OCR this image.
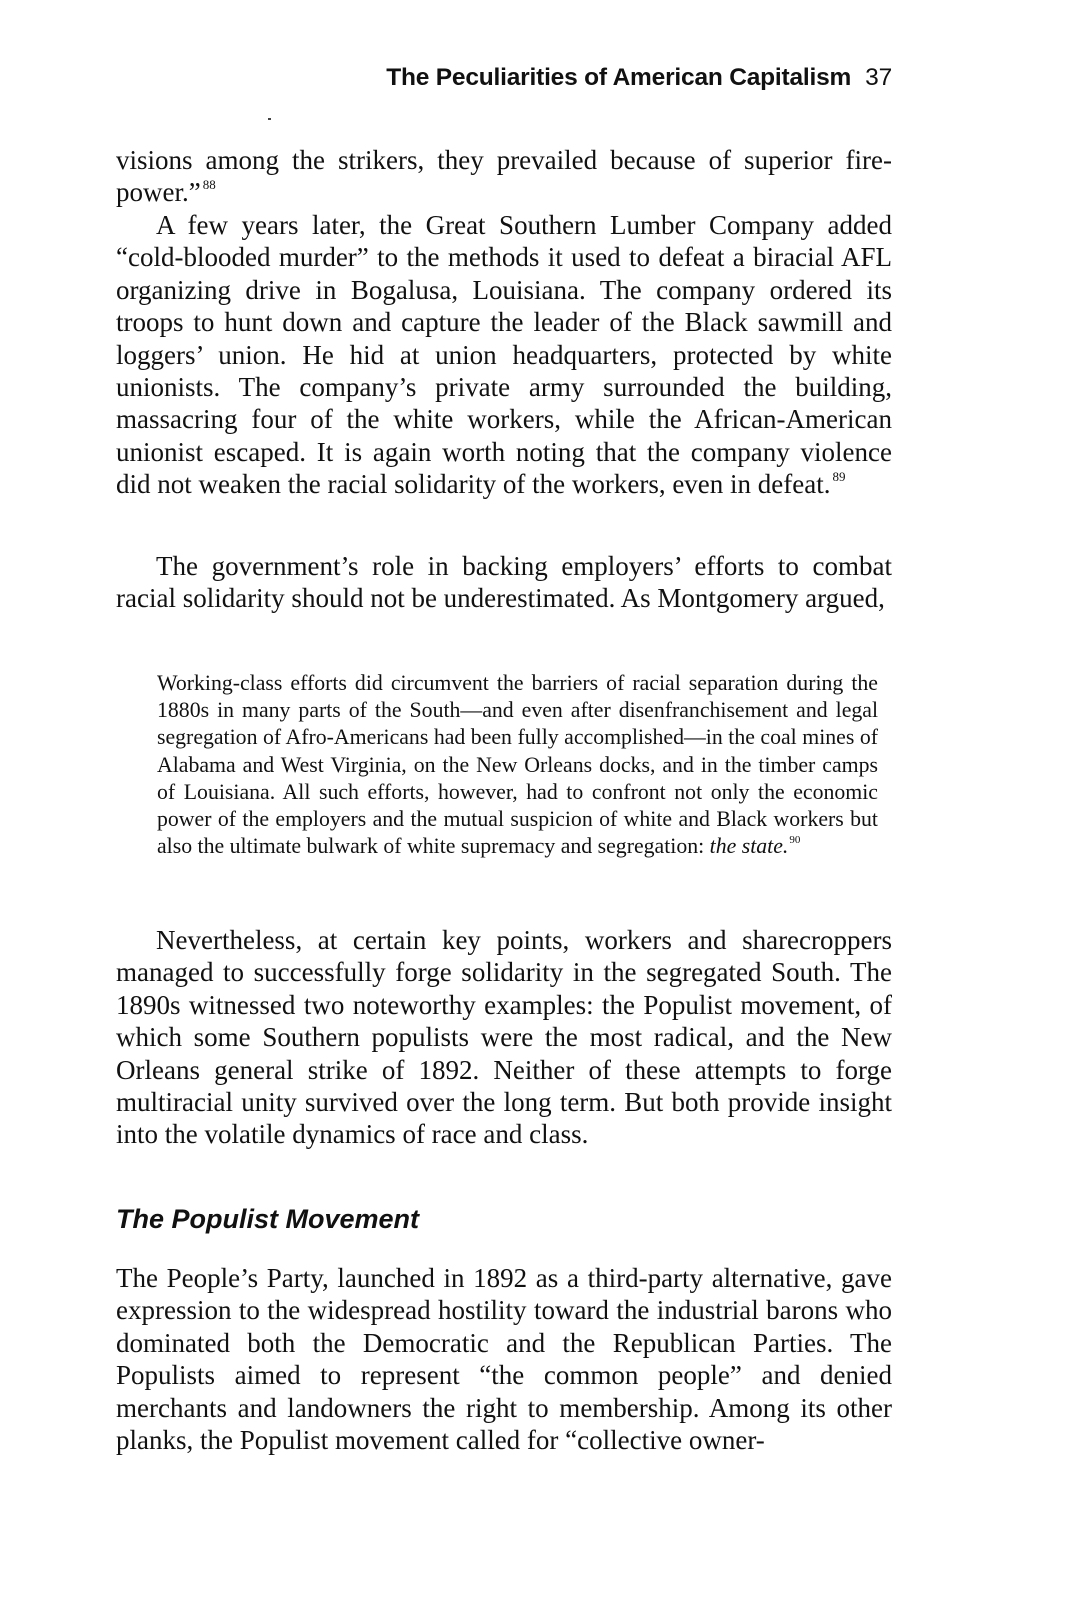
The Peculiarities of American Capitalism 37

visions among the strikers, they prevailed because of superior fire-power.” $^{88}$

A few years later, the Great Southern Lumber Company added “cold-blooded murder” to the methods it used to defeat a biracial AFL organizing drive in Bogalusa, Louisiana. The company ordered its troops to hunt down and capture the leader of the Black sawmill and loggers’ union. He hid at union headquarters, protected by white unionists. The company’s private army surrounded the building, massacring four of the white workers, while the African-American unionist escaped. It is again worth noting that the company violence did not weaken the racial solidarity of the workers, even in defeat. $^{89}$

The government’s role in backing employers’ efforts to combat racial solidarity should not be underestimated. As Montgomery argued,

Working-class efforts did circumvent the barriers of racial separation during the 1880s in many parts of the South—and even after disenfranchisement and legal segregation of Afro-Americans had been fully accomplished—in the coal mines of Alabama and West Virginia, on the New Orleans docks, and in the timber camps of Louisiana. All such efforts, however, had to confront not only the economic power of the employers and the mutual suspicion of white and Black workers but also the ultimate bulwark of white supremacy and segregation: the state.$^{90}$

Nevertheless, at certain key points, workers and sharecroppers managed to successfully forge solidarity in the segregated South. The 1890s witnessed two noteworthy examples: the Populist movement, of which some Southern populists were the most radical, and the New Orleans general strike of 1892. Neither of these attempts to forge multiracial unity survived over the long term. But both provide insight into the volatile dynamics of race and class.

The Populist Movement

The People’s Party, launched in 1892 as a third-party alternative, gave expression to the widespread hostility toward the industrial barons who dominated both the Democratic and the Republican Parties. The Populists aimed to represent “the common people” and denied merchants and landowners the right to membership. Among its other planks, the Populist movement called for “collective owner-
